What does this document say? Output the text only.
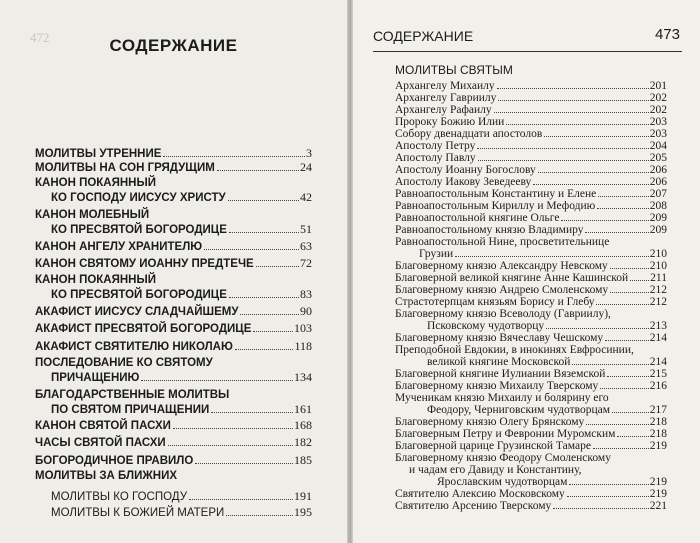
472	СОДЕРЖАНИЕ
МОЛИТВЫ УТРЕННИЕ	3
МОЛИТВЫ НА СОН ГРЯДУЩИМ	24
КАНОН ПОКАЯННЫЙ
КО ГОСПОДУ ИИСУСУ ХРИСТУ	42
КАНОН МОЛЕБНЫЙ
КО ПРЕСВЯТОЙ БОГОРОДИЦЕ	51
КАНОН АНГЕЛУ ХРАНИТЕЛЮ	63
КАНОН СВЯТОМУ ИОАННУ ПРЕДТЕЧЕ	72
КАНОН ПОКАЯННЫЙ
КО ПРЕСВЯТОЙ БОГОРОДИЦЕ	83
АКАФИСТ ИИСУСУ СЛАДЧАЙШЕМУ	90
АКАФИСТ ПРЕСВЯТОЙ БОГОРОДИЦЕ	103
АКАФИСТ СВЯТИТЕЛЮ НИКОЛАЮ	118
ПОСЛЕДОВАНИЕ КО СВЯТОМУ
ПРИЧАЩЕНИЮ	134
БЛАГОДАРСТВЕННЫЕ МОЛИТВЫ
ПО СВЯТОМ ПРИЧАЩЕНИИ	161
КАНОН СВЯТОЙ ПАСХИ	168
ЧАСЫ СВЯТОЙ ПАСХИ	182
БОГОРОДИЧНОЕ ПРАВИЛО	185
МОЛИТВЫ ЗА БЛИЖНИХ
МОЛИТВЫ КО ГОСПОДУ	191
МОЛИТВЫ К БОЖИЕЙ МАТЕРИ	195
СОДЕРЖАНИЕ	473
МОЛИТВЫ СВЯТЫМ
Архангелу Михаилу	201
Архангелу Гавриилу	202
Архангелу Рафаилу	202
Пророку Божию Илии	203
Собору двенадцати апостолов	203
Апостолу Петру	204
Апостолу Павлу	205
Апостолу Иоанну Богослову	206
Апостолу Иакову Зеведееву	206
Равноапостольным Константину и Елене	207
Равноапостольным Кириллу и Мефодию	208
Равноапостольной княгине Ольге	209
Равноапостольному князю Владимиру	209
Равноапостольной Нине, просветительнице
Грузии	210
Благоверному князю Александру Невскому	210
Благоверной великой княгине Анне Кашинской 211
Благоверному князю Андрею Смоленскому	212
Страстотерпцам князьям Борису и Глебу	212
Благоверному князю Всеволоду (Гавриилу),
Псковскому чудотворцу	213
Благоверному князю Вячеславу Чешскому	214
Преподобной Евдокии, в инокинях Евфросинии,
великой княгине Московской	214
Благоверной княгине Иулиании Вяземской	215
Благоверному князю Михаилу Тверскому	216
Мученикам князю Михаилу и болярину его
Феодору, Черниговским чудотворцам	217
Благоверному князю Олегу Брянскому	218
Благоверным Петру и Февронии Муромским	218
Благоверной царице Грузинской Тамаре	219
Благоверному князю Феодору Смоленскому
и чадам его Давиду и Константину,
Ярославским чудотворцам	219
Святителю Алексию Московскому	219
Святителю Арсению Тверскому	221
